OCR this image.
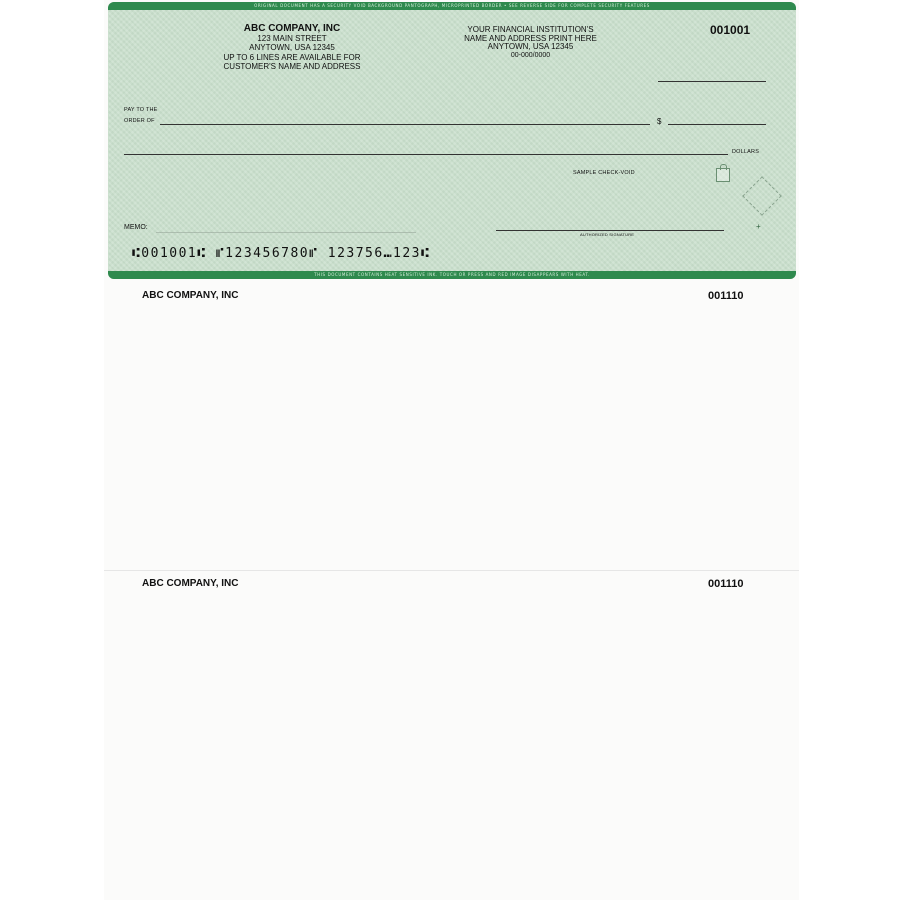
ORIGINAL DOCUMENT HAS A SECURITY VOID BACKGROUND PANTOGRAPH, MICROPRINTED BORDER • SEE REVERSE SIDE FOR COMPLETE SECURITY FEATURES
ABC COMPANY, INC
123 MAIN STREET
ANYTOWN, USA 12345
UP TO 6 LINES ARE AVAILABLE FOR
CUSTOMER'S NAME AND ADDRESS
YOUR FINANCIAL INSTITUTION'S
NAME AND ADDRESS PRINT HERE
ANYTOWN, USA 12345
00-000/0000
001001
PAY TO THE
ORDER OF	$
DOLLARS
SAMPLE CHECK-VOID
+
MEMO:
AUTHORIZED SIGNATURE
⑆001001⑆ ⑈123456780⑈ 123756⑉123⑆
THIS DOCUMENT CONTAINS HEAT SENSITIVE INK. TOUCH OR PRESS AND RED IMAGE DISAPPEARS WITH HEAT.
ABC COMPANY, INC	001110
ABC COMPANY, INC	001110
